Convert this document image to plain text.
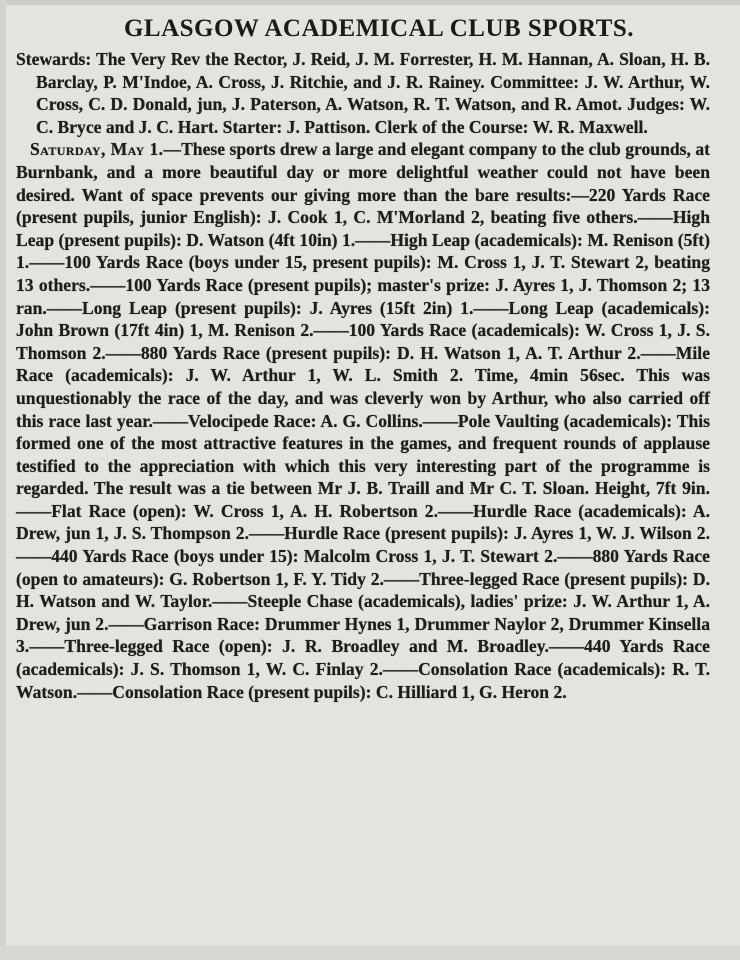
GLASGOW ACADEMICAL CLUB SPORTS.

Stewards: The Very Rev the Rector, J. Reid, J. M. Forrester, H. M. Hannan, A. Sloan, H. B. Barclay, P. M'Indoe, A. Cross, J. Ritchie, and J. R. Rainey. Committee: J. W. Arthur, W. Cross, C. D. Donald, jun, J. Paterson, A. Watson, R. T. Watson, and R. Amot. Judges: W. C. Bryce and J. C. Hart. Starter: J. Pattison. Clerk of the Course: W. R. Maxwell.

Saturday, May 1.—These sports drew a large and elegant company to the club grounds, at Burnbank, and a more beautiful day or more delightful weather could not have been desired. Want of space prevents our giving more than the bare results:—220 Yards Race (present pupils, junior English): J. Cook 1, C. M'Morland 2, beating five others.——High Leap (present pupils): D. Watson (4ft 10in) 1.——High Leap (academicals): M. Renison (5ft) 1.——100 Yards Race (boys under 15, present pupils): M. Cross 1, J. T. Stewart 2, beating 13 others.——100 Yards Race (present pupils); master's prize: J. Ayres 1, J. Thomson 2; 13 ran.——Long Leap (present pupils): J. Ayres (15ft 2in) 1.——Long Leap (academicals): John Brown (17ft 4in) 1, M. Renison 2.——100 Yards Race (academicals): W. Cross 1, J. S. Thomson 2.——880 Yards Race (present pupils): D. H. Watson 1, A. T. Arthur 2.——Mile Race (academicals): J. W. Arthur 1, W. L. Smith 2. Time, 4min 56sec. This was unquestionably the race of the day, and was cleverly won by Arthur, who also carried off this race last year.——Velocipede Race: A. G. Collins.——Pole Vaulting (academicals): This formed one of the most attractive features in the games, and frequent rounds of applause testified to the appreciation with which this very interesting part of the programme is regarded. The result was a tie between Mr J. B. Traill and Mr C. T. Sloan. Height, 7ft 9in.——Flat Race (open): W. Cross 1, A. H. Robertson 2.——Hurdle Race (academicals): A. Drew, jun 1, J. S. Thompson 2.——Hurdle Race (present pupils): J. Ayres 1, W. J. Wilson 2.——440 Yards Race (boys under 15): Malcolm Cross 1, J. T. Stewart 2.——880 Yards Race (open to amateurs): G. Robertson 1, F. Y. Tidy 2.——Three-legged Race (present pupils): D. H. Watson and W. Taylor.——Steeple Chase (academicals), ladies' prize: J. W. Arthur 1, A. Drew, jun 2.——Garrison Race: Drummer Hynes 1, Drummer Naylor 2, Drummer Kinsella 3.——Three-legged Race (open): J. R. Broadley and M. Broadley.——440 Yards Race (academicals): J. S. Thomson 1, W. C. Finlay 2.——Consolation Race (academicals): R. T. Watson.——Consolation Race (present pupils): C. Hilliard 1, G. Heron 2.
